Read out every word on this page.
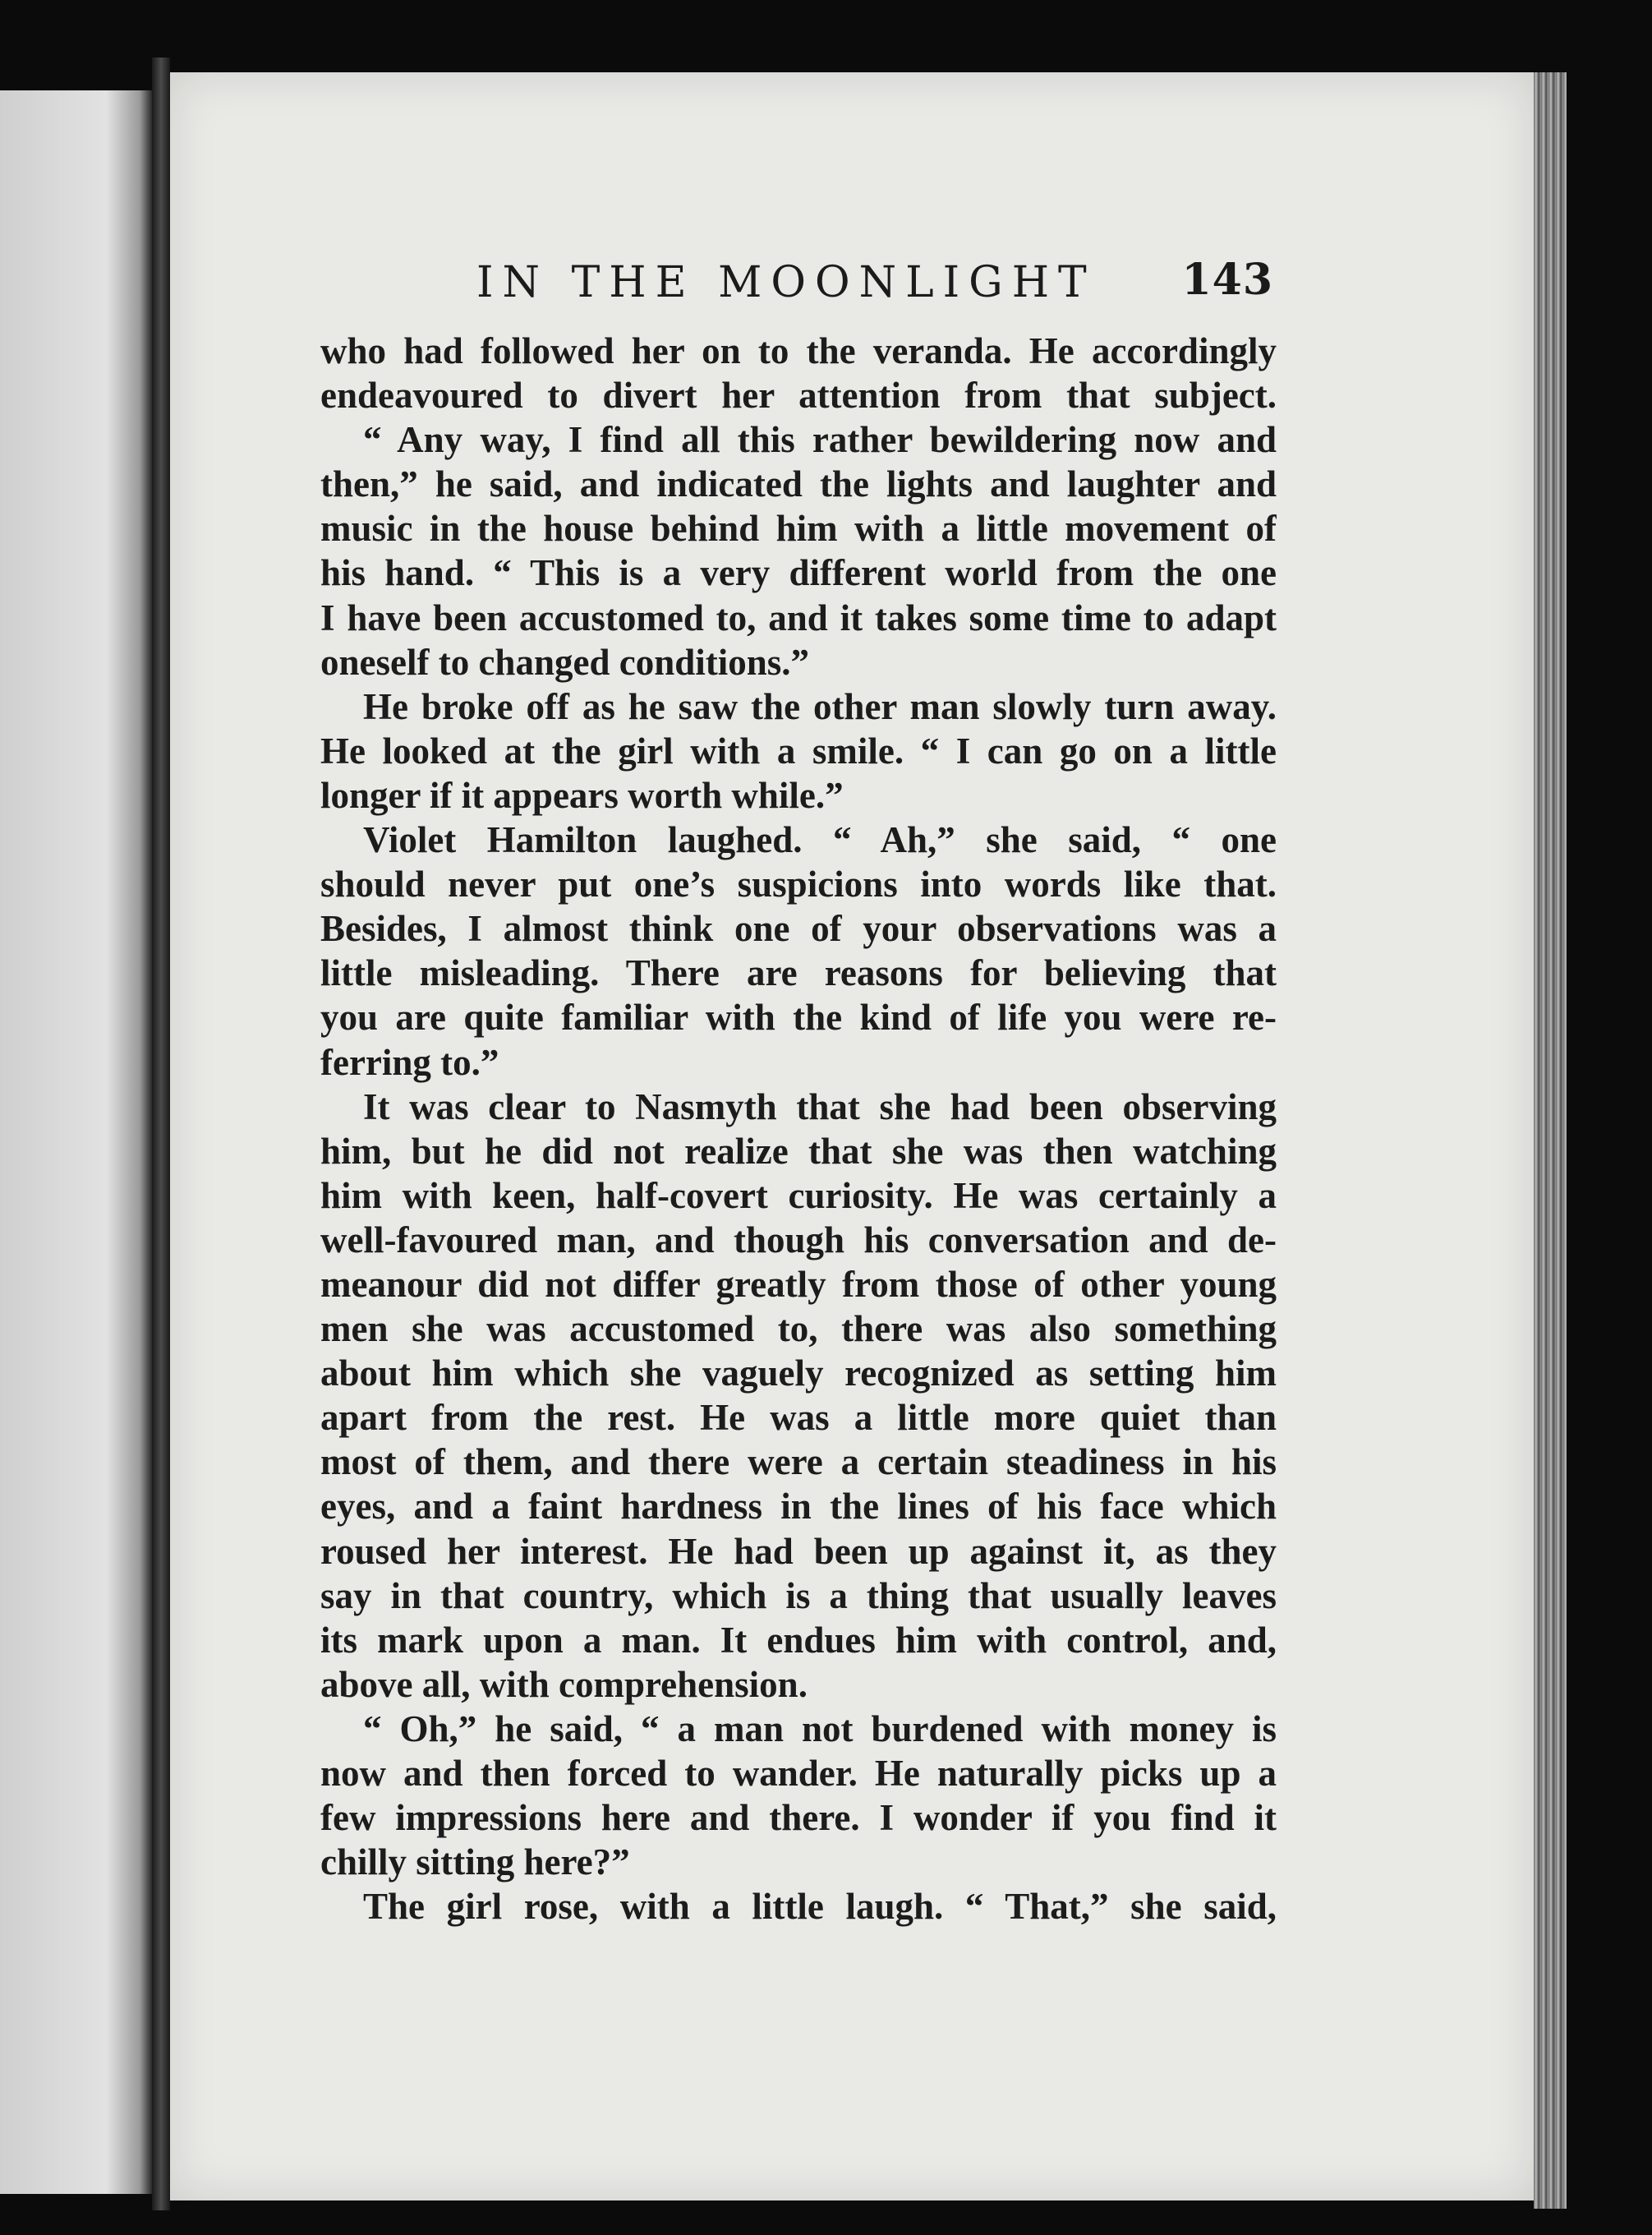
IN THE MOONLIGHT 143
who had followed her on to the veranda. He accordingly
endeavoured to divert her attention from that subject.
“ Any way, I find all this rather bewildering now and
then,” he said, and indicated the lights and laughter and
music in the house behind him with a little movement of
his hand. “ This is a very different world from the one
I have been accustomed to, and it takes some time to adapt
oneself to changed conditions.”
He broke off as he saw the other man slowly turn away.
He looked at the girl with a smile. “ I can go on a little
longer if it appears worth while.”
Violet Hamilton laughed. “ Ah,” she said, “ one
should never put one’s suspicions into words like that.
Besides, I almost think one of your observations was a
little misleading. There are reasons for believing that
you are quite familiar with the kind of life you were re-
ferring to.”
It was clear to Nasmyth that she had been observing
him, but he did not realize that she was then watching
him with keen, half-covert curiosity. He was certainly a
well-favoured man, and though his conversation and de-
meanour did not differ greatly from those of other young
men she was accustomed to, there was also something
about him which she vaguely recognized as setting him
apart from the rest. He was a little more quiet than
most of them, and there were a certain steadiness in his
eyes, and a faint hardness in the lines of his face which
roused her interest. He had been up against it, as they
say in that country, which is a thing that usually leaves
its mark upon a man. It endues him with control, and,
above all, with comprehension.
“ Oh,” he said, “ a man not burdened with money is
now and then forced to wander. He naturally picks up a
few impressions here and there. I wonder if you find it
chilly sitting here?”
The girl rose, with a little laugh. “ That,” she said,
